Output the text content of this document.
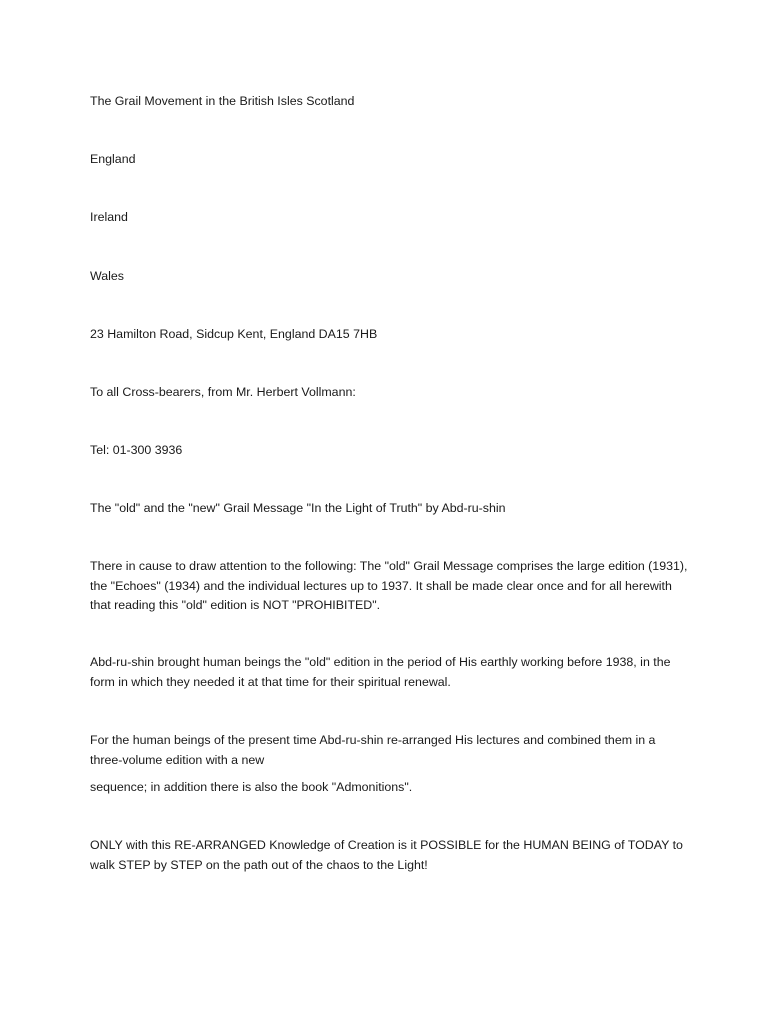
The Grail Movement in the British Isles Scotland
England
Ireland
Wales
23 Hamilton Road, Sidcup Kent, England DA15 7HB
To all Cross-bearers, from Mr. Herbert Vollmann:
Tel: 01-300 3936
The "old" and the "new" Grail Message "In the Light of Truth" by Abd-ru-shin
There in cause to draw attention to the following: The "old" Grail Message comprises the large edition (1931), the "Echoes" (1934) and the individual lectures up to 1937. It shall be made clear once and for all herewith that reading this "old" edition is NOT "PROHIBITED".
Abd-ru-shin brought human beings the "old" edition in the period of His earthly working before 1938, in the form in which they needed it at that time for their spiritual renewal.
For the human beings of the present time Abd-ru-shin re-arranged His lectures and combined them in a three-volume edition with a new
sequence; in addition there is also the book "Admonitions".
ONLY with this RE-ARRANGED Knowledge of Creation is it POSSIBLE for the HUMAN BEING of TODAY to walk STEP by STEP on the path out of the chaos to the Light!
